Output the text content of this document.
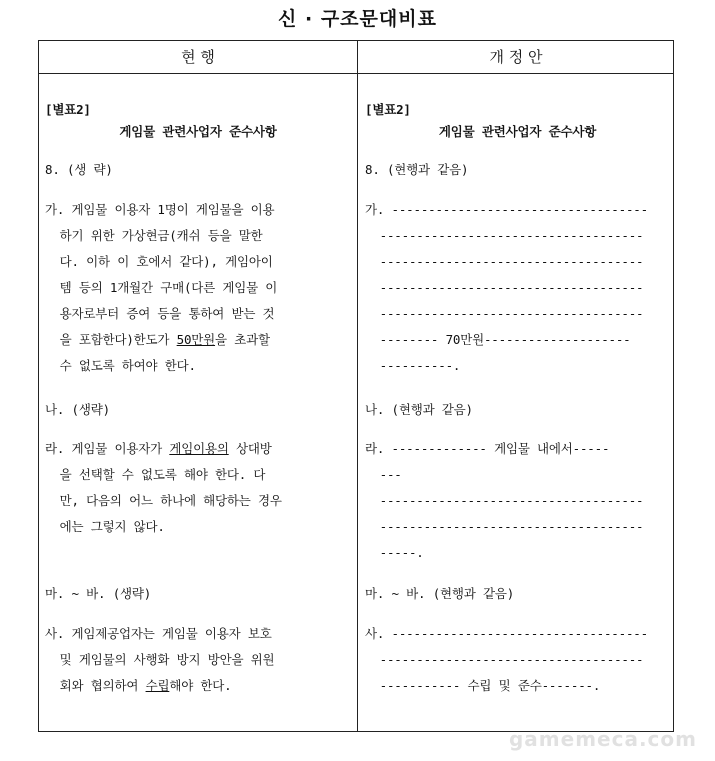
신 · 구조문대비표
현 행	개 정 안
[별표2]
게임물 관련사업자 준수사항
8. (생 략)
가. 게임물 이용자 1명이 게임물을 이용
하기 위한 가상현금(캐쉬 등을 말한
다. 이하 이 호에서 같다), 게임아이
템 등의 1개월간 구매(다른 게임물 이
용자로부터 증여 등을 통하여 받는 것
을 포함한다)한도가 50만원을 초과할
수 없도록 하여야 한다.
나. (생략)
라. 게임물 이용자가 게임이용의 상대방
을 선택할 수 없도록 해야 한다. 다
만, 다음의 어느 하나에 해당하는 경우
에는 그렇지 않다.
마. ~ 바. (생략)
사. 게임제공업자는 게임물 이용자 보호
및 게임물의 사행화 방지 방안을 위원
회와 협의하여 수립해야 한다.
[별표2]
게임물 관련사업자 준수사항
8. (현행과 같음)
가. -----------------------------------
------------------------------------
------------------------------------
------------------------------------
------------------------------------
-------- 70만원--------------------
----------.
나. (현행과 같음)
라. ------------- 게임물 내에서-----
---
------------------------------------
------------------------------------
-----.
마. ~ 바. (현행과 같음)
사. -----------------------------------
------------------------------------
----------- 수립 및 준수-------.
gamemeca.com
